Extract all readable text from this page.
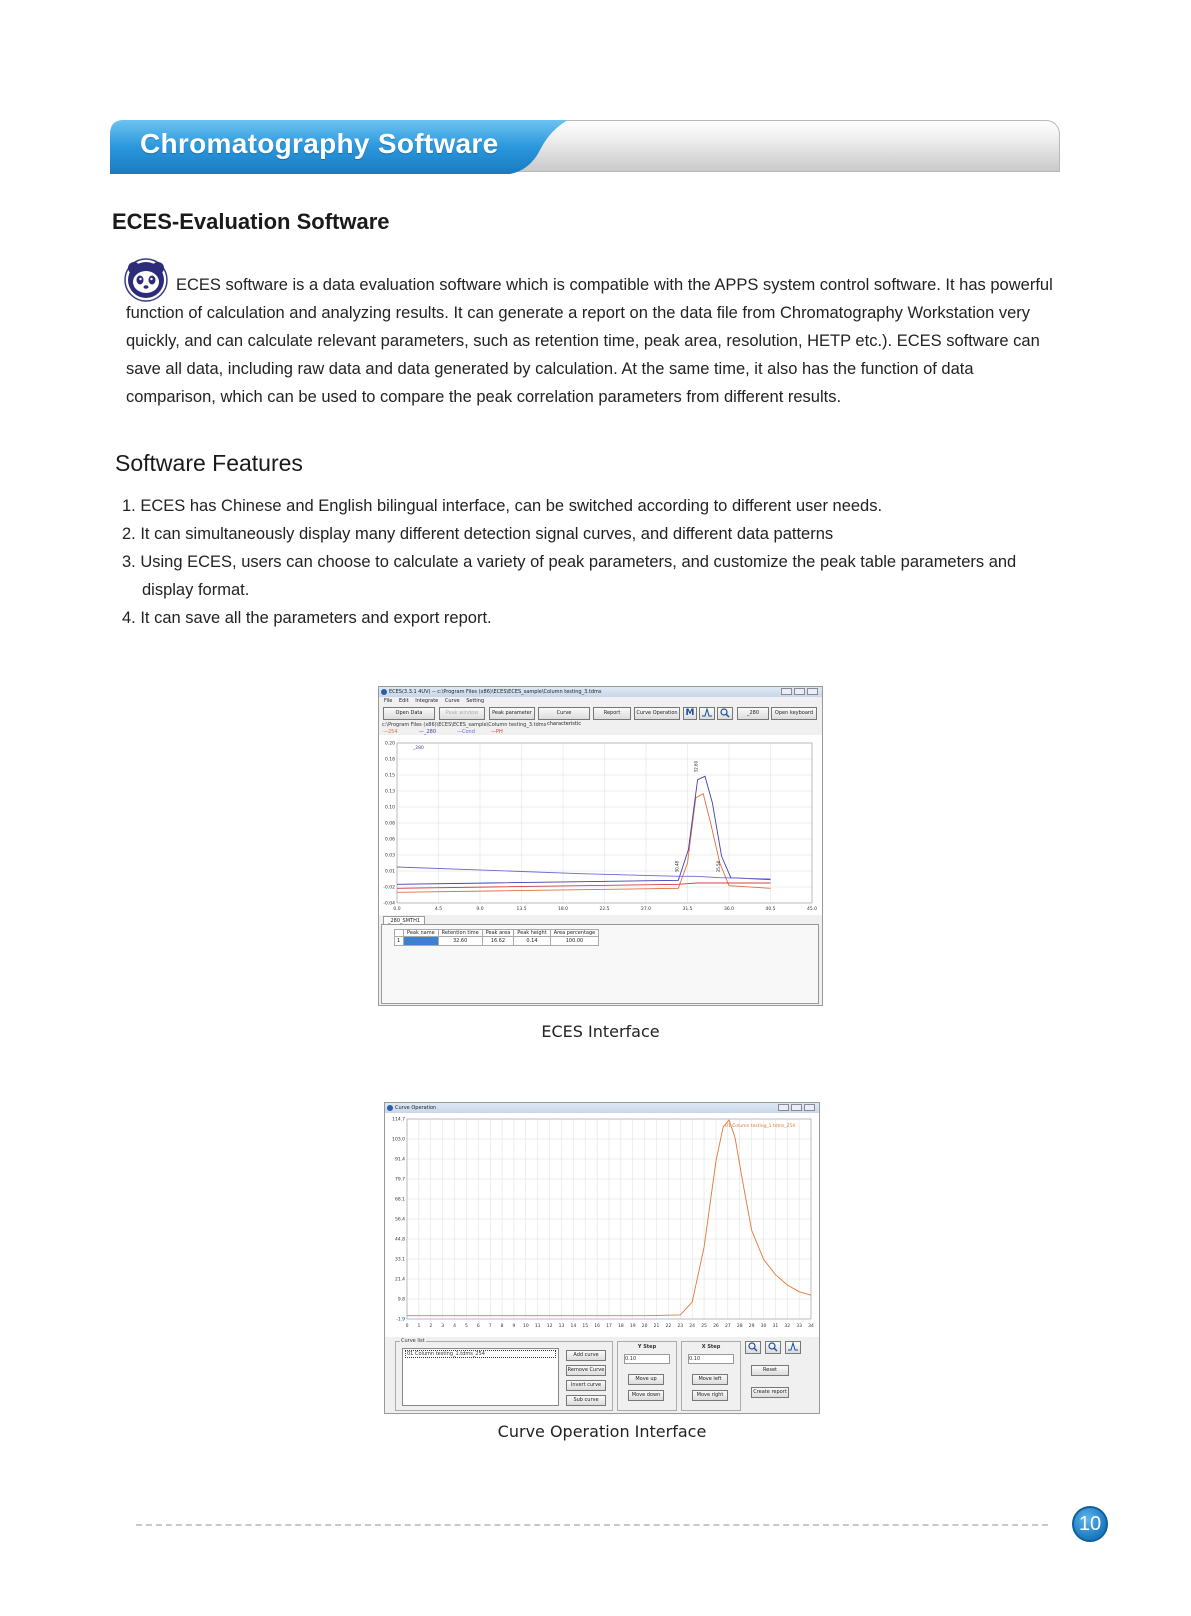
Chromatography Software
ECES-Evaluation Software

ECES software is a data evaluation software which is compatible with the APPS system control software. It has powerful function of calculation and analyzing results. It can generate a report on the data file from Chromatography Workstation very quickly, and can calculate relevant parameters, such as retention time, peak area, resolution, HETP etc.). ECES software can save all data, including raw data and data generated by calculation. At the same time, it also has the function of data comparison, which can be used to compare the peak correlation parameters from different results.

Software Features
1. ECES has Chinese and English bilingual interface, can be switched according to different user needs.
2. It can simultaneously display many different detection signal curves, and different data patterns
3. Using ECES, users can choose to calculate a variety of peak parameters, and customize the peak table parameters and display format.
4. It can save all the parameters and export report.
ECES(3.3.1 4UV) -- c:\Program Files (x86)\ECES\ECES_sample\Column testing_3.tdms
File Edit Integrate Curve Setting
Open Data	Peak window	Peak parameter	Curve characteristic
Report	Curve Operation M	_280	Open keyboard
c:\Program Files (x86)\ECES\ECES_sample\Column testing_3.tdms
—254	—_280	—Cond	—PH
0.0	4.5	9.0	13.5	18.0	22.5	27.0	31.5	36.0	40.5	45.0
-0.04
-0.02
0.01
0.03
0.06
0.08
0.10
0.13
0.15
0.18
0.20
_280
32.60
30.48	35.58
_280_SMTH1
	Peak name	Retention time	Peak area	Peak height	Area percentage
1		32.60	16.62	0.14	100.00
ECES Interface
Curve Operation
0 1 2 3 4 5 6 7 8 9 10 11 12 13 14 15 16 17 18 19 20 21 22 23 24 25 26 27 28 29 30 31 32 33 34
-1.9
9.8
21.4
33.1
44.8
56.4
68.1
79.7
91.4
103.0
114.7
01 Column testing_1.tdms_254
Curve list
01 Column testing_1.tdms_254	Add curve
Remove Curve
Invert curve
Sub curve
Y Step
0.10
Move up
Move down
X Step
0.10
Move left
Move right
Reset
Create report
Curve Operation Interface
10
